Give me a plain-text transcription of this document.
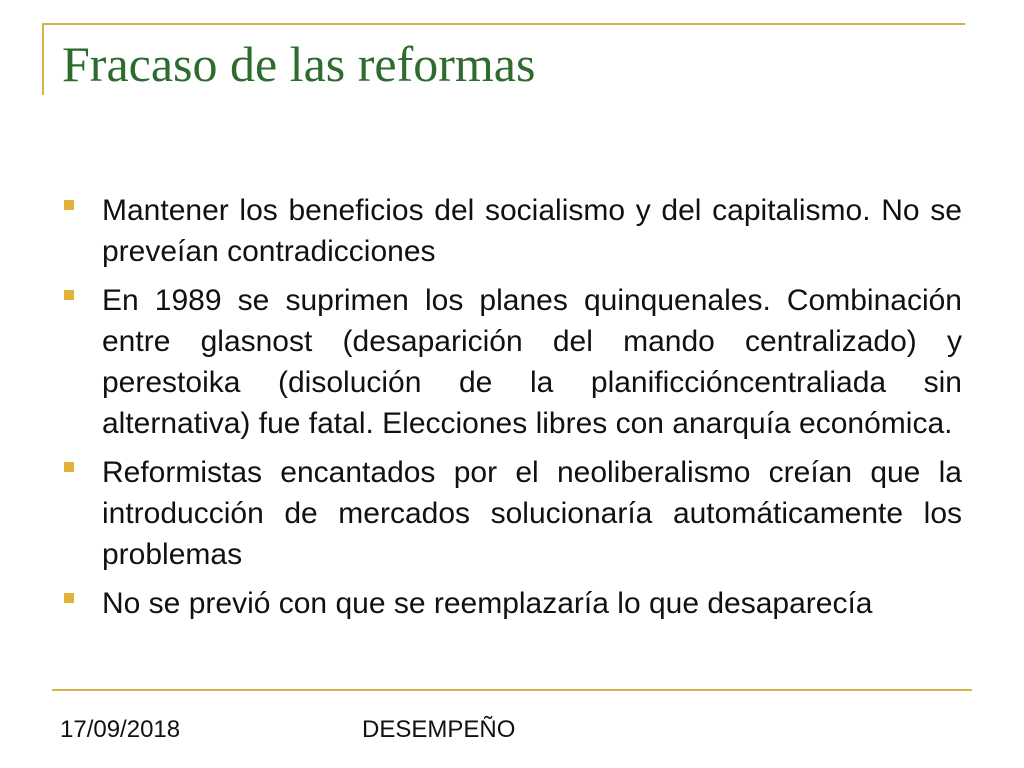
Fracaso de las reformas
Mantener los beneficios del socialismo y del capitalismo. No se preveían contradicciones
En 1989 se suprimen los planes quinquenales. Combinación entre glasnost (desaparición del mando centralizado) y perestoika (disolución de la planificcióncentraliada sin alternativa) fue fatal. Elecciones libres con anarquía económica.
Reformistas encantados por el neoliberalismo creían que la introducción de mercados solucionaría automáticamente los problemas
No se previó con que se reemplazaría lo que desaparecía
17/09/2018	DESEMPEÑO
